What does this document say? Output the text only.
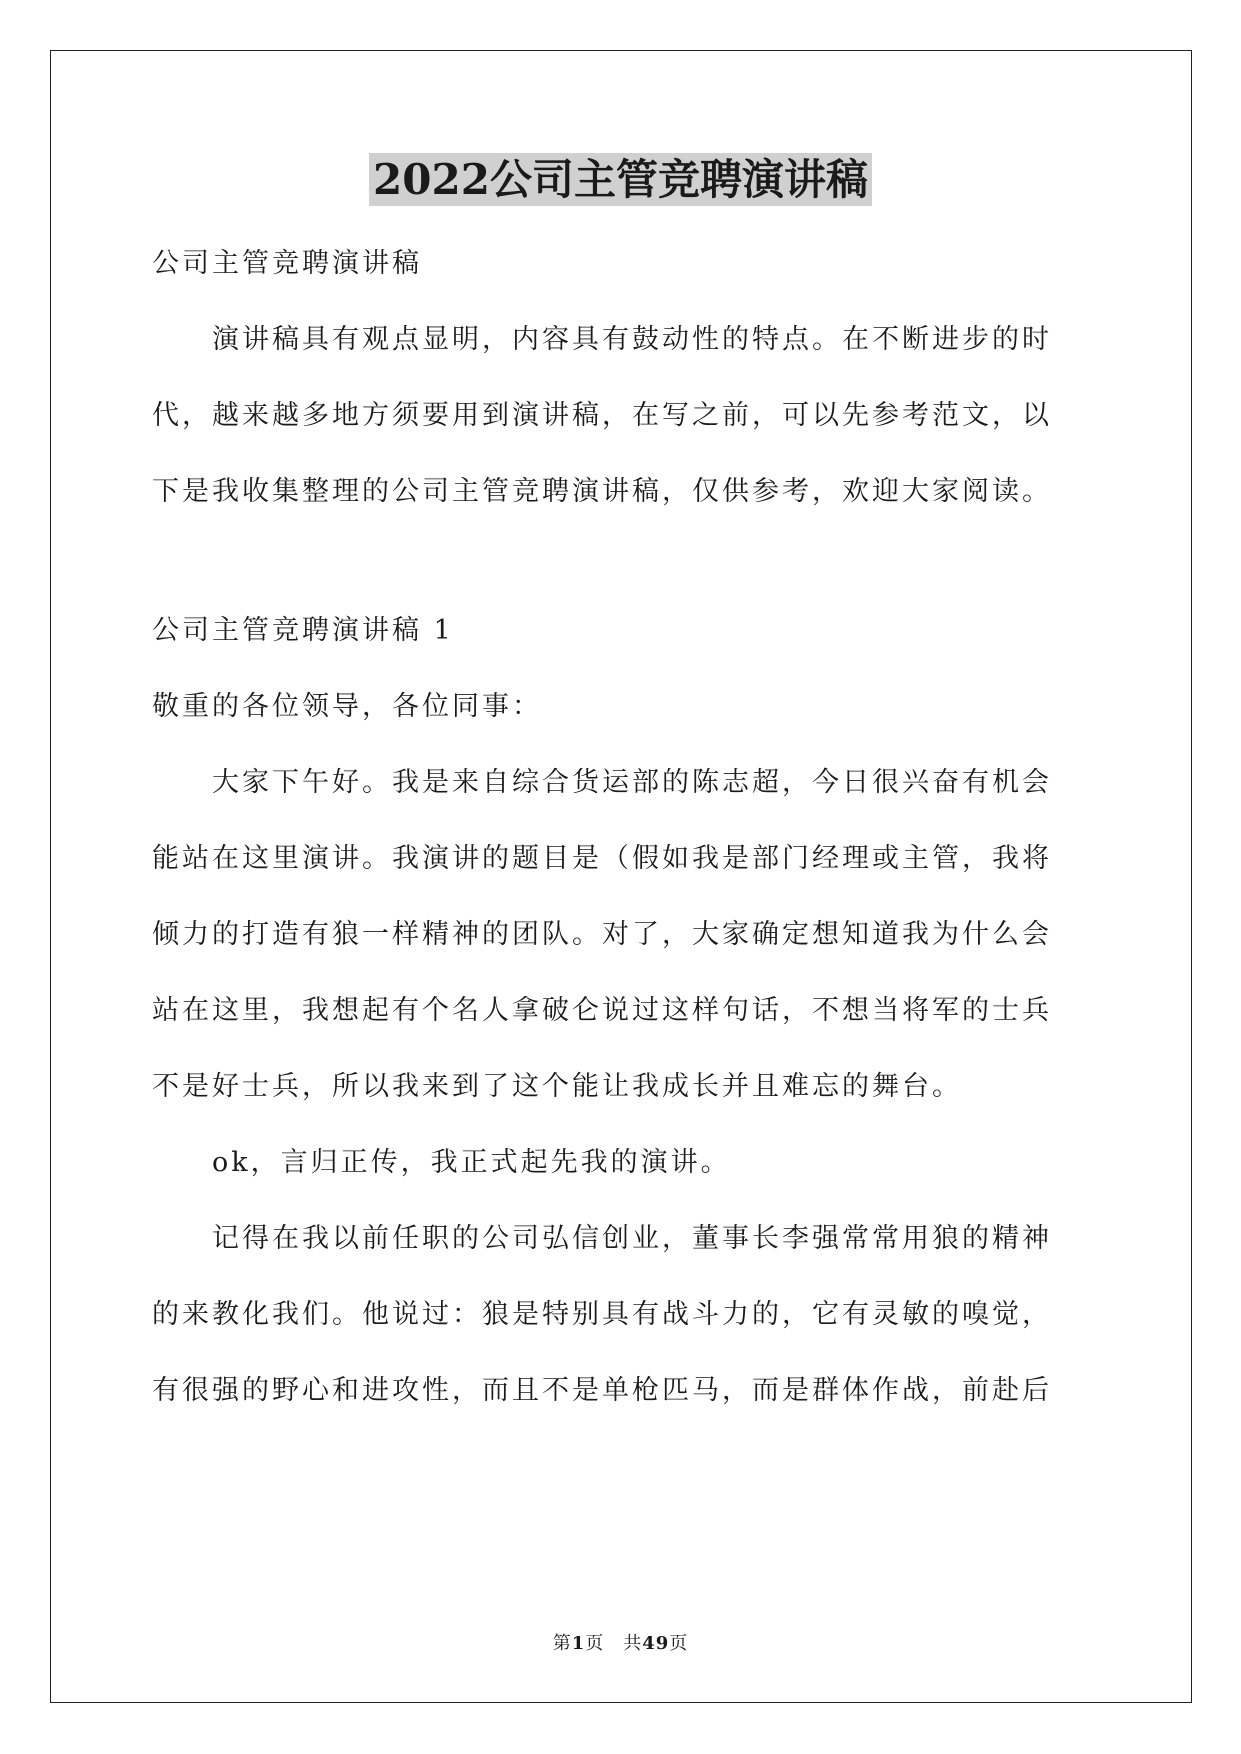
2022公司主管竞聘演讲稿
公司主管竞聘演讲稿
　　演讲稿具有观点显明，内容具有鼓动性的特点。在不断进步的时
代，越来越多地方须要用到演讲稿，在写之前，可以先参考范文，以
下是我收集整理的公司主管竞聘演讲稿，仅供参考，欢迎大家阅读。
公司主管竞聘演讲稿 1
敬重的各位领导，各位同事：
　　大家下午好。我是来自综合货运部的陈志超，今日很兴奋有机会
能站在这里演讲。我演讲的题目是（假如我是部门经理或主管，我将
倾力的打造有狼一样精神的团队。对了，大家确定想知道我为什么会
站在这里，我想起有个名人拿破仑说过这样句话，不想当将军的士兵
不是好士兵，所以我来到了这个能让我成长并且难忘的舞台。
　　ok，言归正传，我正式起先我的演讲。
　　记得在我以前任职的公司弘信创业，董事长李强常常用狼的精神
的来教化我们。他说过：狼是特别具有战斗力的，它有灵敏的嗅觉，
有很强的野心和进攻性，而且不是单枪匹马，而是群体作战，前赴后
第1页　共49页
